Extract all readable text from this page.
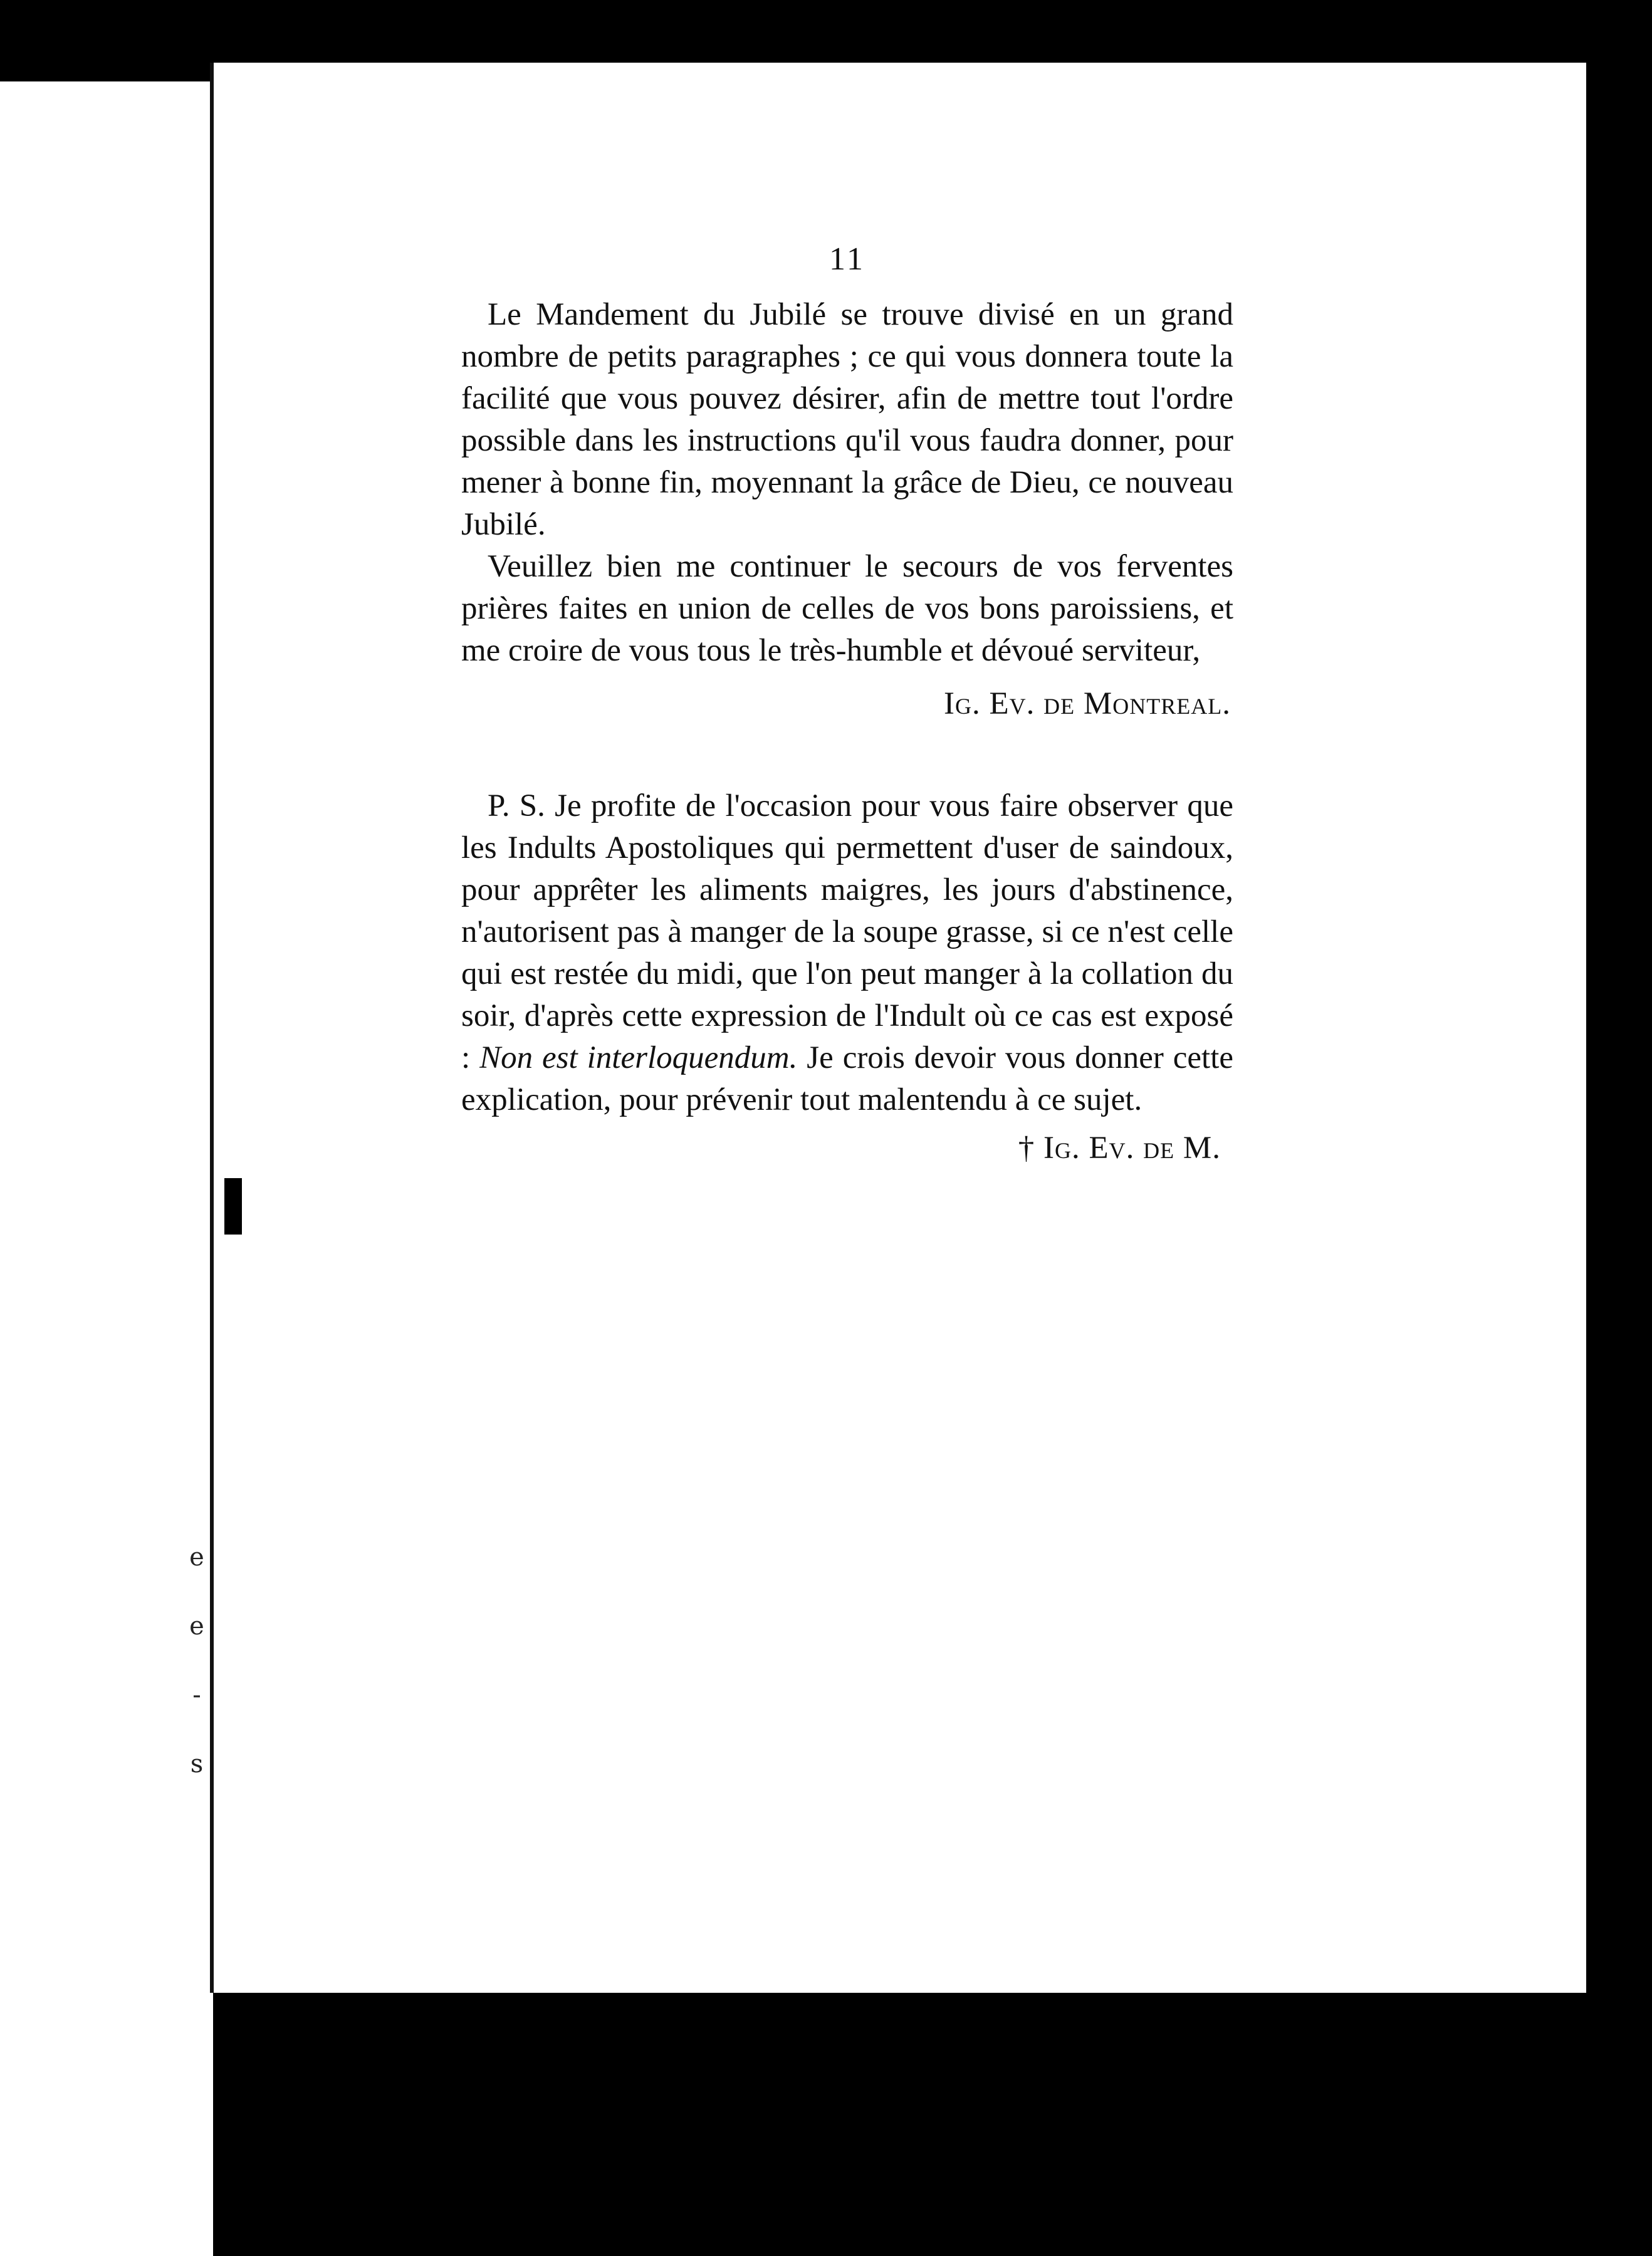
e
e
-
s
11

Le Mandement du Jubilé se trouve divisé en un grand nombre de petits paragraphes ; ce qui vous donnera toute la facilité que vous pouvez désirer, afin de mettre tout l'ordre possible dans les instructions qu'il vous faudra donner, pour mener à bonne fin, moyennant la grâce de Dieu, ce nouveau Jubilé.

Veuillez bien me continuer le secours de vos ferventes prières faites en union de celles de vos bons paroissiens, et me croire de vous tous le très-humble et dévoué serviteur,

Ig. Ev. de Montreal.

P. S. Je profite de l'occasion pour vous faire observer que les Indults Apostoliques qui permettent d'user de saindoux, pour apprêter les aliments maigres, les jours d'abstinence, n'autorisent pas à manger de la soupe grasse, si ce n'est celle qui est restée du midi, que l'on peut manger à la collation du soir, d'après cette expression de l'Indult où ce cas est exposé : Non est interloquendum. Je crois devoir vous donner cette explication, pour prévenir tout malentendu à ce sujet.

† Ig. Ev. de M.
